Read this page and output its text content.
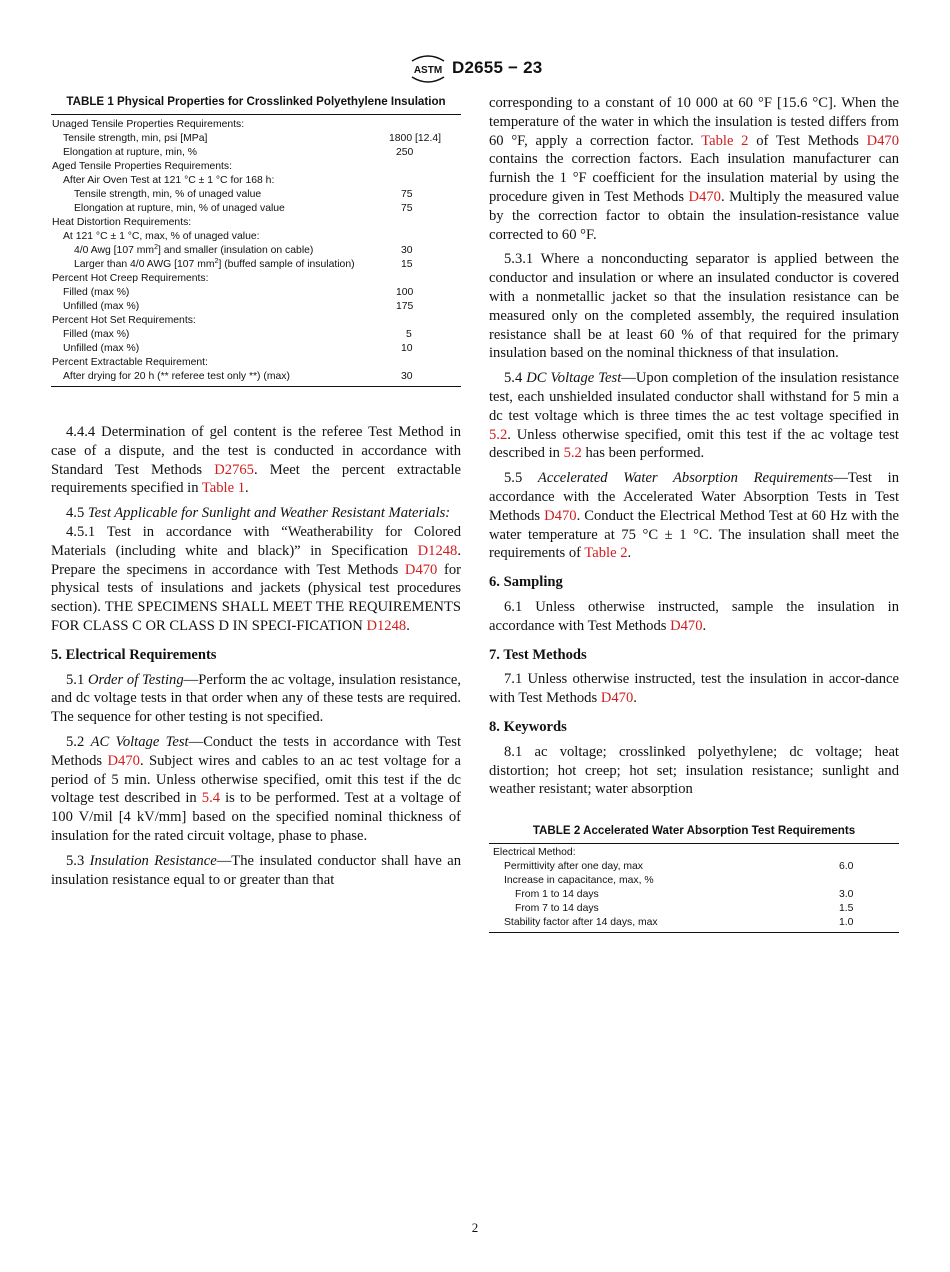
ASTM D2655 − 23
TABLE 1 Physical Properties for Crosslinked Polyethylene Insulation
Unaged Tensile Properties Requirements:
Tensile strength, min, psi [MPa]	1800 [12.4]
Elongation at rupture, min, %	250
Aged Tensile Properties Requirements:
After Air Oven Test at 121 °C ± 1 °C for 168 h:
Tensile strength, min, % of unaged value	75
Elongation at rupture, min, % of unaged value	75
Heat Distortion Requirements:
At 121 °C ± 1 °C, max, % of unaged value:
4/0 Awg [107 $mm^2$] and smaller (insulation on cable)	30
Larger than 4/0 AWG [107 $mm^2$] (buffed sample of insulation)	15
Percent Hot Creep Requirements:
Filled (max %)	100
Unfilled (max %)	175
Percent Hot Set Requirements:
Filled (max %)	5
Unfilled (max %)	10
Percent Extractable Requirement:
After drying for 20 h (** referee test only **) (max)	30

4.4.4 Determination of gel content is the referee Test Method in case of a dispute, and the test is conducted in accordance with Standard Test Methods D2765. Meet the percent extractable requirements specified in Table 1.

4.5 Test Applicable for Sunlight and Weather Resistant Materials:

4.5.1 Test in accordance with “Weatherability for Colored Materials (including white and black)” in Specification D1248. Prepare the specimens in accordance with Test Methods D470 for physical tests of insulations and jackets (physical test procedures section). THE SPECIMENS SHALL MEET THE REQUIREMENTS FOR CLASS C OR CLASS D IN SPECI-FICATION D1248.

5. Electrical Requirements

5.1 Order of Testing—Perform the ac voltage, insulation resistance, and dc voltage tests in that order when any of these tests are required. The sequence for other testing is not specified.

5.2 AC Voltage Test—Conduct the tests in accordance with Test Methods D470. Subject wires and cables to an ac test voltage for a period of 5 min. Unless otherwise specified, omit this test if the dc voltage test described in 5.4 is to be performed. Test at a voltage of 100 V/mil [4 kV/mm] based on the specified nominal thickness of insulation for the rated circuit voltage, phase to phase.

5.3 Insulation Resistance—The insulated conductor shall have an insulation resistance equal to or greater than that

corresponding to a constant of 10 000 at 60 °F [15.6 °C]. When the temperature of the water in which the insulation is tested differs from 60 °F, apply a correction factor. Table 2 of Test Methods D470 contains the correction factors. Each insulation manufacturer can furnish the 1 °F coefficient for the insulation material by using the procedure given in Test Methods D470. Multiply the measured value by the correction factor to obtain the insulation-resistance value corrected to 60 °F.

5.3.1 Where a nonconducting separator is applied between the conductor and insulation or where an insulated conductor is covered with a nonmetallic jacket so that the insulation resistance can be measured only on the completed assembly, the required insulation resistance shall be at least 60 % of that required for the primary insulation based on the nominal thickness of that insulation.

5.4 DC Voltage Test—Upon completion of the insulation resistance test, each unshielded insulated conductor shall withstand for 5 min a dc test voltage which is three times the ac test voltage specified in 5.2. Unless otherwise specified, omit this test if the ac voltage test described in 5.2 has been performed.

5.5 Accelerated Water Absorption Requirements—Test in accordance with the Accelerated Water Absorption Tests in Test Methods D470. Conduct the Electrical Method Test at 60 Hz with the water temperature at 75 °C ± 1 °C. The insulation shall meet the requirements of Table 2.

6. Sampling

6.1 Unless otherwise instructed, sample the insulation in accordance with Test Methods D470.

7. Test Methods

7.1 Unless otherwise instructed, test the insulation in accor-dance with Test Methods D470.

8. Keywords

8.1 ac voltage; crosslinked polyethylene; dc voltage; heat distortion; hot creep; hot set; insulation resistance; sunlight and weather resistant; water absorption

TABLE 2 Accelerated Water Absorption Test Requirements
Electrical Method:
Permittivity after one day, max	6.0
Increase in capacitance, max, %
From 1 to 14 days	3.0
From 7 to 14 days	1.5
Stability factor after 14 days, max	1.0
2
